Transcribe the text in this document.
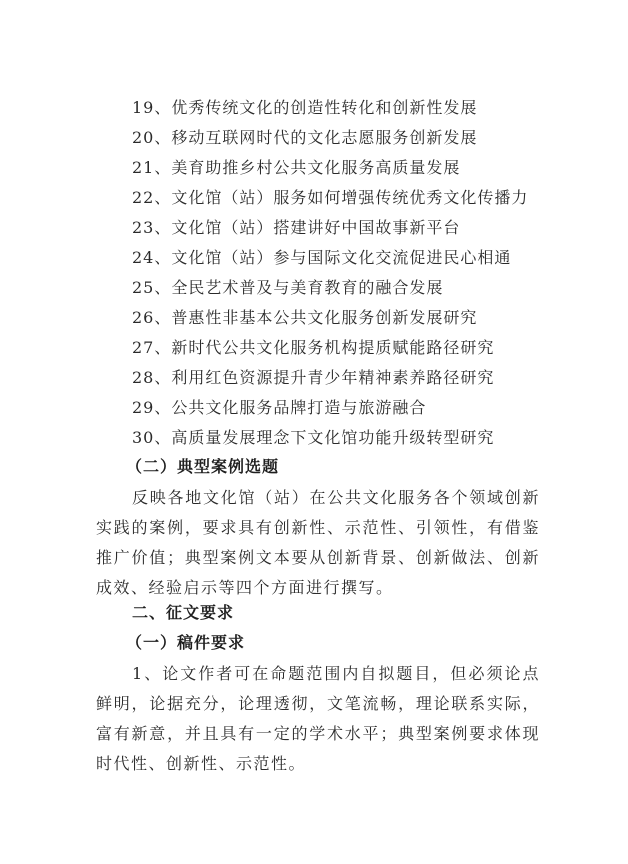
19、优秀传统文化的创造性转化和创新性发展
20、移动互联网时代的文化志愿服务创新发展
21、美育助推乡村公共文化服务高质量发展
22、文化馆（站）服务如何增强传统优秀文化传播力
23、文化馆（站）搭建讲好中国故事新平台
24、文化馆（站）参与国际文化交流促进民心相通
25、全民艺术普及与美育教育的融合发展
26、普惠性非基本公共文化服务创新发展研究
27、新时代公共文化服务机构提质赋能路径研究
28、利用红色资源提升青少年精神素养路径研究
29、公共文化服务品牌打造与旅游融合
30、高质量发展理念下文化馆功能升级转型研究
（二）典型案例选题

反映各地文化馆（站）在公共文化服务各个领域创新实践的案例，要求具有创新性、示范性、引领性，有借鉴推广价值；典型案例文本要从创新背景、创新做法、创新成效、经验启示等四个方面进行撰写。

二、征文要求
（一）稿件要求

1、论文作者可在命题范围内自拟题目，但必须论点鲜明，论据充分，论理透彻，文笔流畅，理论联系实际，富有新意，并且具有一定的学术水平；典型案例要求体现时代性、创新性、示范性。
